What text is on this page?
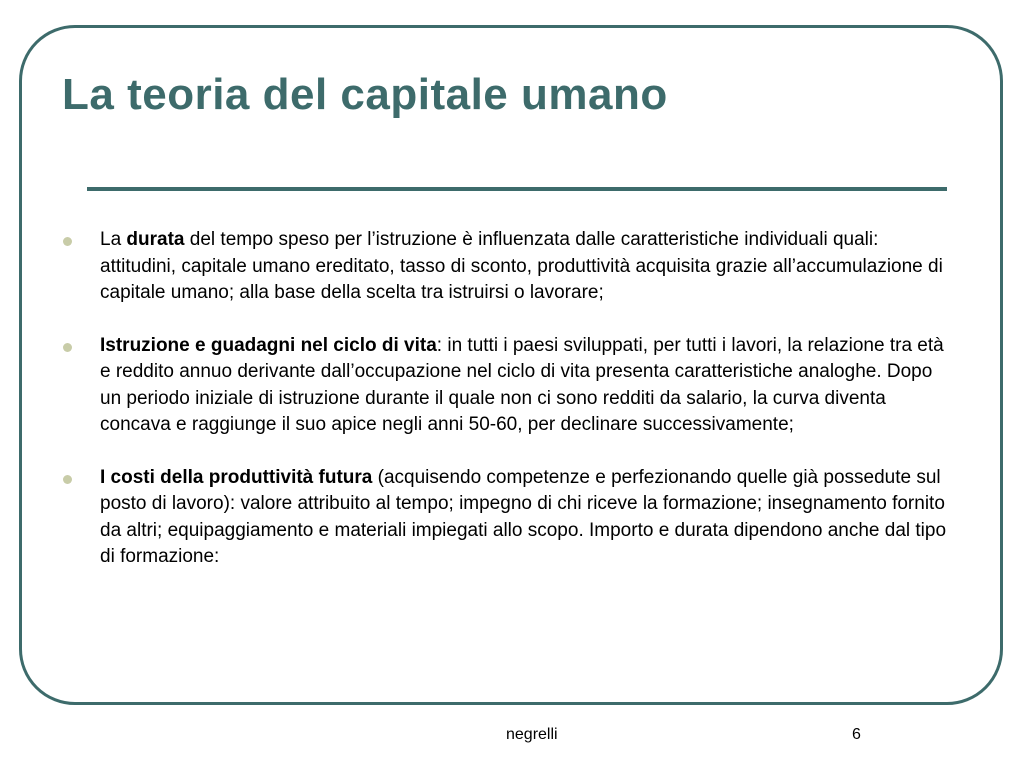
La teoria del capitale umano
La durata del tempo speso per l’istruzione è influenzata dalle caratteristiche individuali quali: attitudini, capitale umano ereditato, tasso di sconto, produttività acquisita grazie all’accumulazione di capitale umano; alla base della scelta tra istruirsi o lavorare;
Istruzione e guadagni nel ciclo di vita: in tutti i paesi sviluppati, per tutti i lavori, la relazione tra età e reddito annuo derivante dall’occupazione nel ciclo di vita presenta caratteristiche analoghe. Dopo un periodo iniziale di istruzione durante il quale non ci sono redditi da salario, la curva diventa concava e raggiunge il suo apice negli anni 50-60, per declinare successivamente;
I costi della produttività futura (acquisendo competenze e perfezionando quelle già possedute sul posto di lavoro): valore attribuito al tempo; impegno di chi riceve la formazione; insegnamento fornito da altri; equipaggiamento e materiali impiegati allo scopo. Importo e durata dipendono anche dal tipo di formazione:
negrelli	6
